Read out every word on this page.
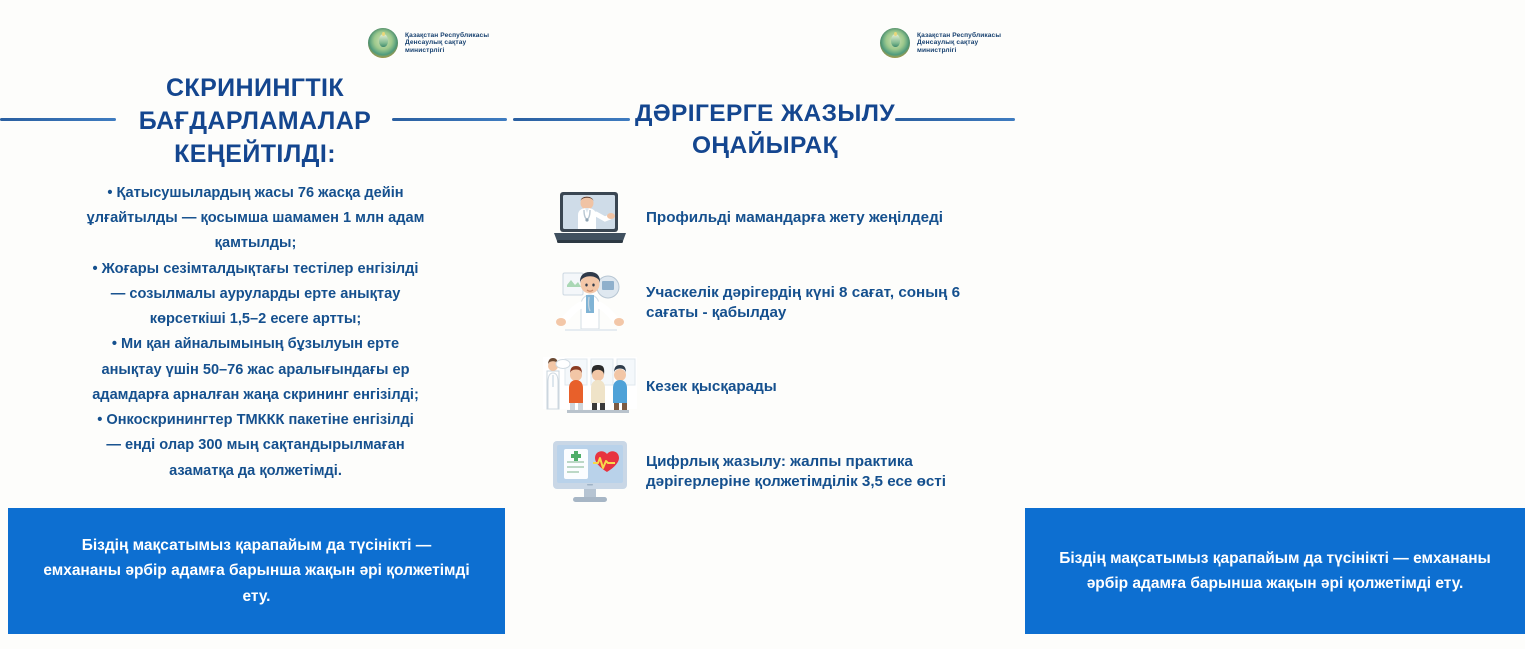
Қазақстан Республикасы
Денсаулық сақтау
министрлігі
СКРИНИНГТІК
БАҒДАРЛАМАЛАР
КЕҢЕЙТІЛДІ:

• Қатысушылардың жасы 76 жасқа дейін

ұлғайтылды — қосымша шамамен 1 млн адам

қамтылды;

• Жоғары сезімталдықтағы тестілер енгізілді

— созылмалы ауруларды ерте анықтау

көрсеткіші 1,5–2 есеге артты;

• Ми қан айналымының бұзылуын ерте

анықтау үшін 50–76 жас аралығындағы ер

адамдарға арналған жаңа скрининг енгізілді;

• Онкоскринингтер ТМККК пакетіне енгізілді

— енді олар 300 мың сақтандырылмаған

азаматқа да қолжетімді.

Біздің мақсатымыз қарапайым да түсінікті — емхананы әрбір адамға барынша жақын әрі қолжетімді ету.
Қазақстан Республикасы
Денсаулық сақтау
министрлігі
ДӘРІГЕРГЕ ЖАЗЫЛУ
ОҢАЙЫРАҚ
Профильді мамандарға жету жеңілдеді
Учаскелік дәрігердің күні 8 сағат, соның 6 сағаты - қабылдау
Кезек қысқарады
Цифрлық жазылу: жалпы практика дәрігерлеріне қолжетімділік 3,5 есе өсті
Біздің мақсатымыз қарапайым да түсінікті — емхананы әрбір адамға барынша жақын әрі қолжетімді ету.
